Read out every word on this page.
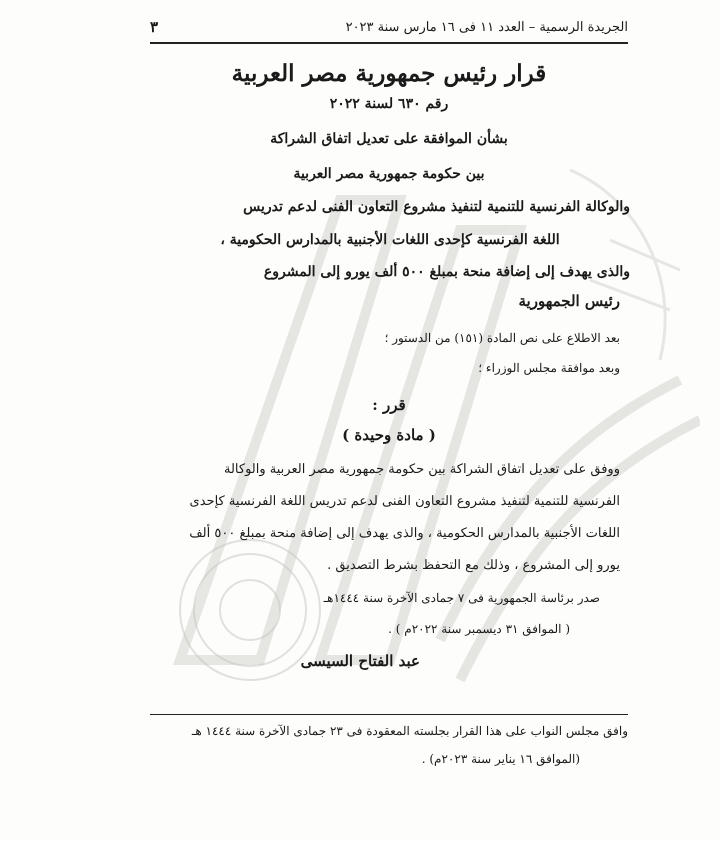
الجريدة الرسمية – العدد ١١ فى ١٦ مارس سنة ٢٠٢٣
٣
قرار رئيس جمهورية مصر العربية
رقم ٦٣٠ لسنة ٢٠٢٢
بشأن الموافقة على تعديل اتفاق الشراكة
بين حكومة جمهورية مصر العربية
والوكالة الفرنسية للتنمية لتنفيذ مشروع التعاون الفنى لدعم تدريس
اللغة الفرنسية كإحدى اللغات الأجنبية بالمدارس الحكومية ،
والذى يهدف إلى إضافة منحة بمبلغ ٥٠٠ ألف يورو إلى المشروع
رئيس الجمهورية
بعد الاطلاع على نص المادة (١٥١) من الدستور ؛
وبعد موافقة مجلس الوزراء ؛
قرر :
( مادة وحيدة )
ووفق على تعديل اتفاق الشراكة بين حكومة جمهورية مصر العربية والوكالة
الفرنسية للتنمية لتنفيذ مشروع التعاون الفنى لدعم تدريس اللغة الفرنسية كإحدى
اللغات الأجنبية بالمدارس الحكومية ، والذى يهدف إلى إضافة منحة بمبلغ ٥٠٠ ألف
يورو إلى المشروع ، وذلك مع التحفظ بشرط التصديق .
صدر برئاسة الجمهورية فى ٧ جمادى الآخرة سنة ١٤٤٤هـ
( الموافق ٣١ ديسمبر سنة ٢٠٢٢م ) .
عبد الفتاح السيسى
وافق مجلس النواب على هذا القرار بجلسته المعقودة فى ٢٣ جمادى الآخرة سنة ١٤٤٤ هـ
(الموافق ١٦ يناير سنة ٢٠٢٣م) .
